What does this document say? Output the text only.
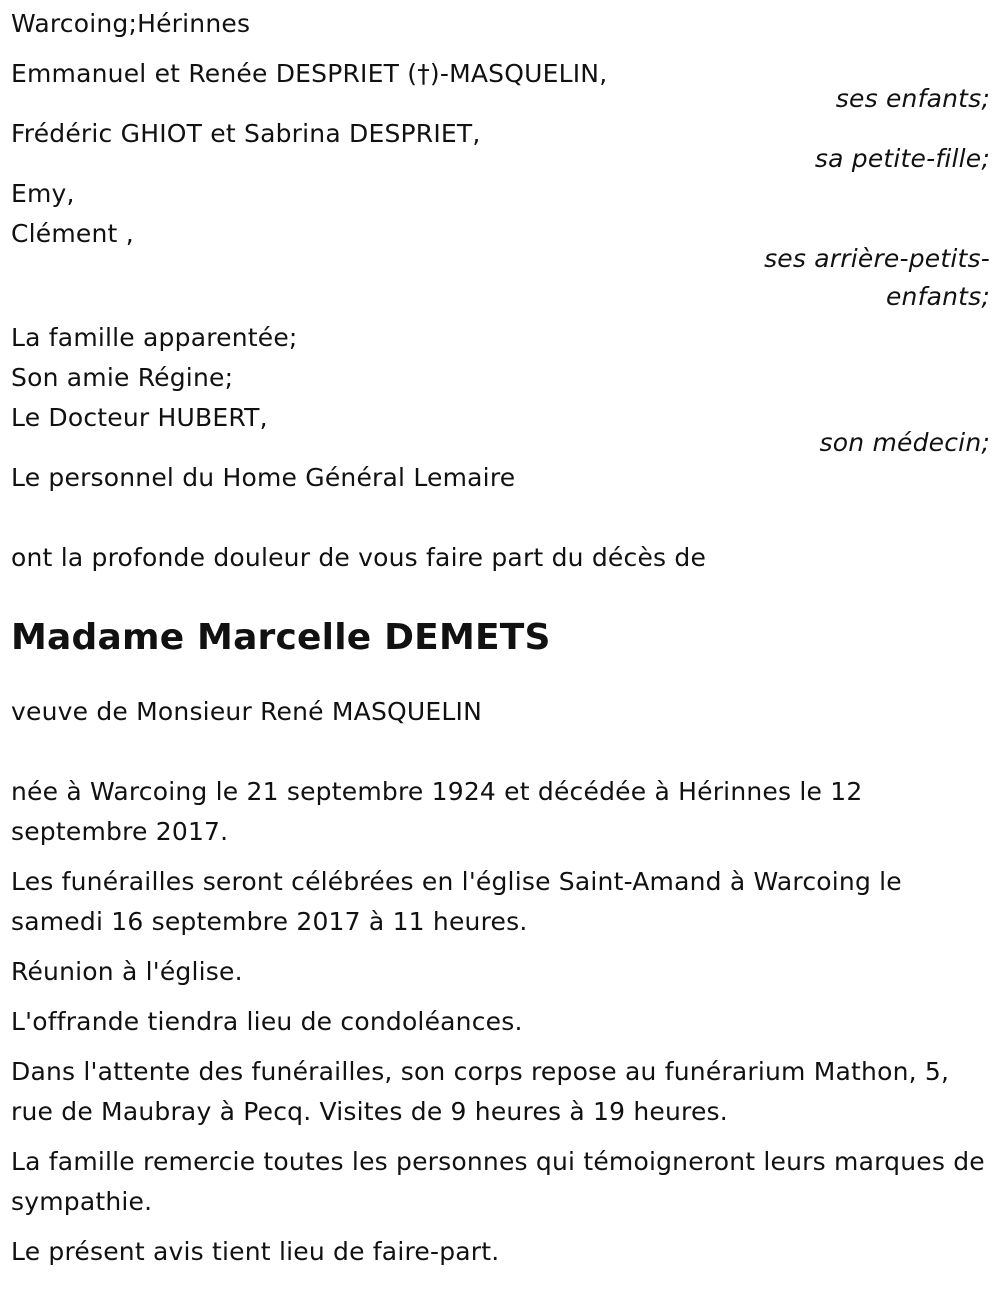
Warcoing;Hérinnes
Emmanuel et Renée DESPRIET (†)-MASQUELIN,
ses enfants;
Frédéric GHIOT et Sabrina DESPRIET,
sa petite-fille;
Emy,
Clément ,
ses arrière-petits-
enfants;
La famille apparentée;
Son amie Régine;
Le Docteur HUBERT,
son médecin;
Le personnel du Home Général Lemaire
ont la profonde douleur de vous faire part du décès de
Madame Marcelle DEMETS
veuve de Monsieur René MASQUELIN
née à Warcoing le 21 septembre 1924 et décédée à Hérinnes le 12 septembre 2017.
Les funérailles seront célébrées en l'église Saint-Amand à Warcoing le samedi 16 septembre 2017 à 11 heures.
Réunion à l'église.
L'offrande tiendra lieu de condoléances.
Dans l'attente des funérailles, son corps repose au funérarium Mathon, 5, rue de Maubray à Pecq. Visites de 9 heures à 19 heures.
La famille remercie toutes les personnes qui témoigneront leurs marques de sympathie.
Le présent avis tient lieu de faire-part.
